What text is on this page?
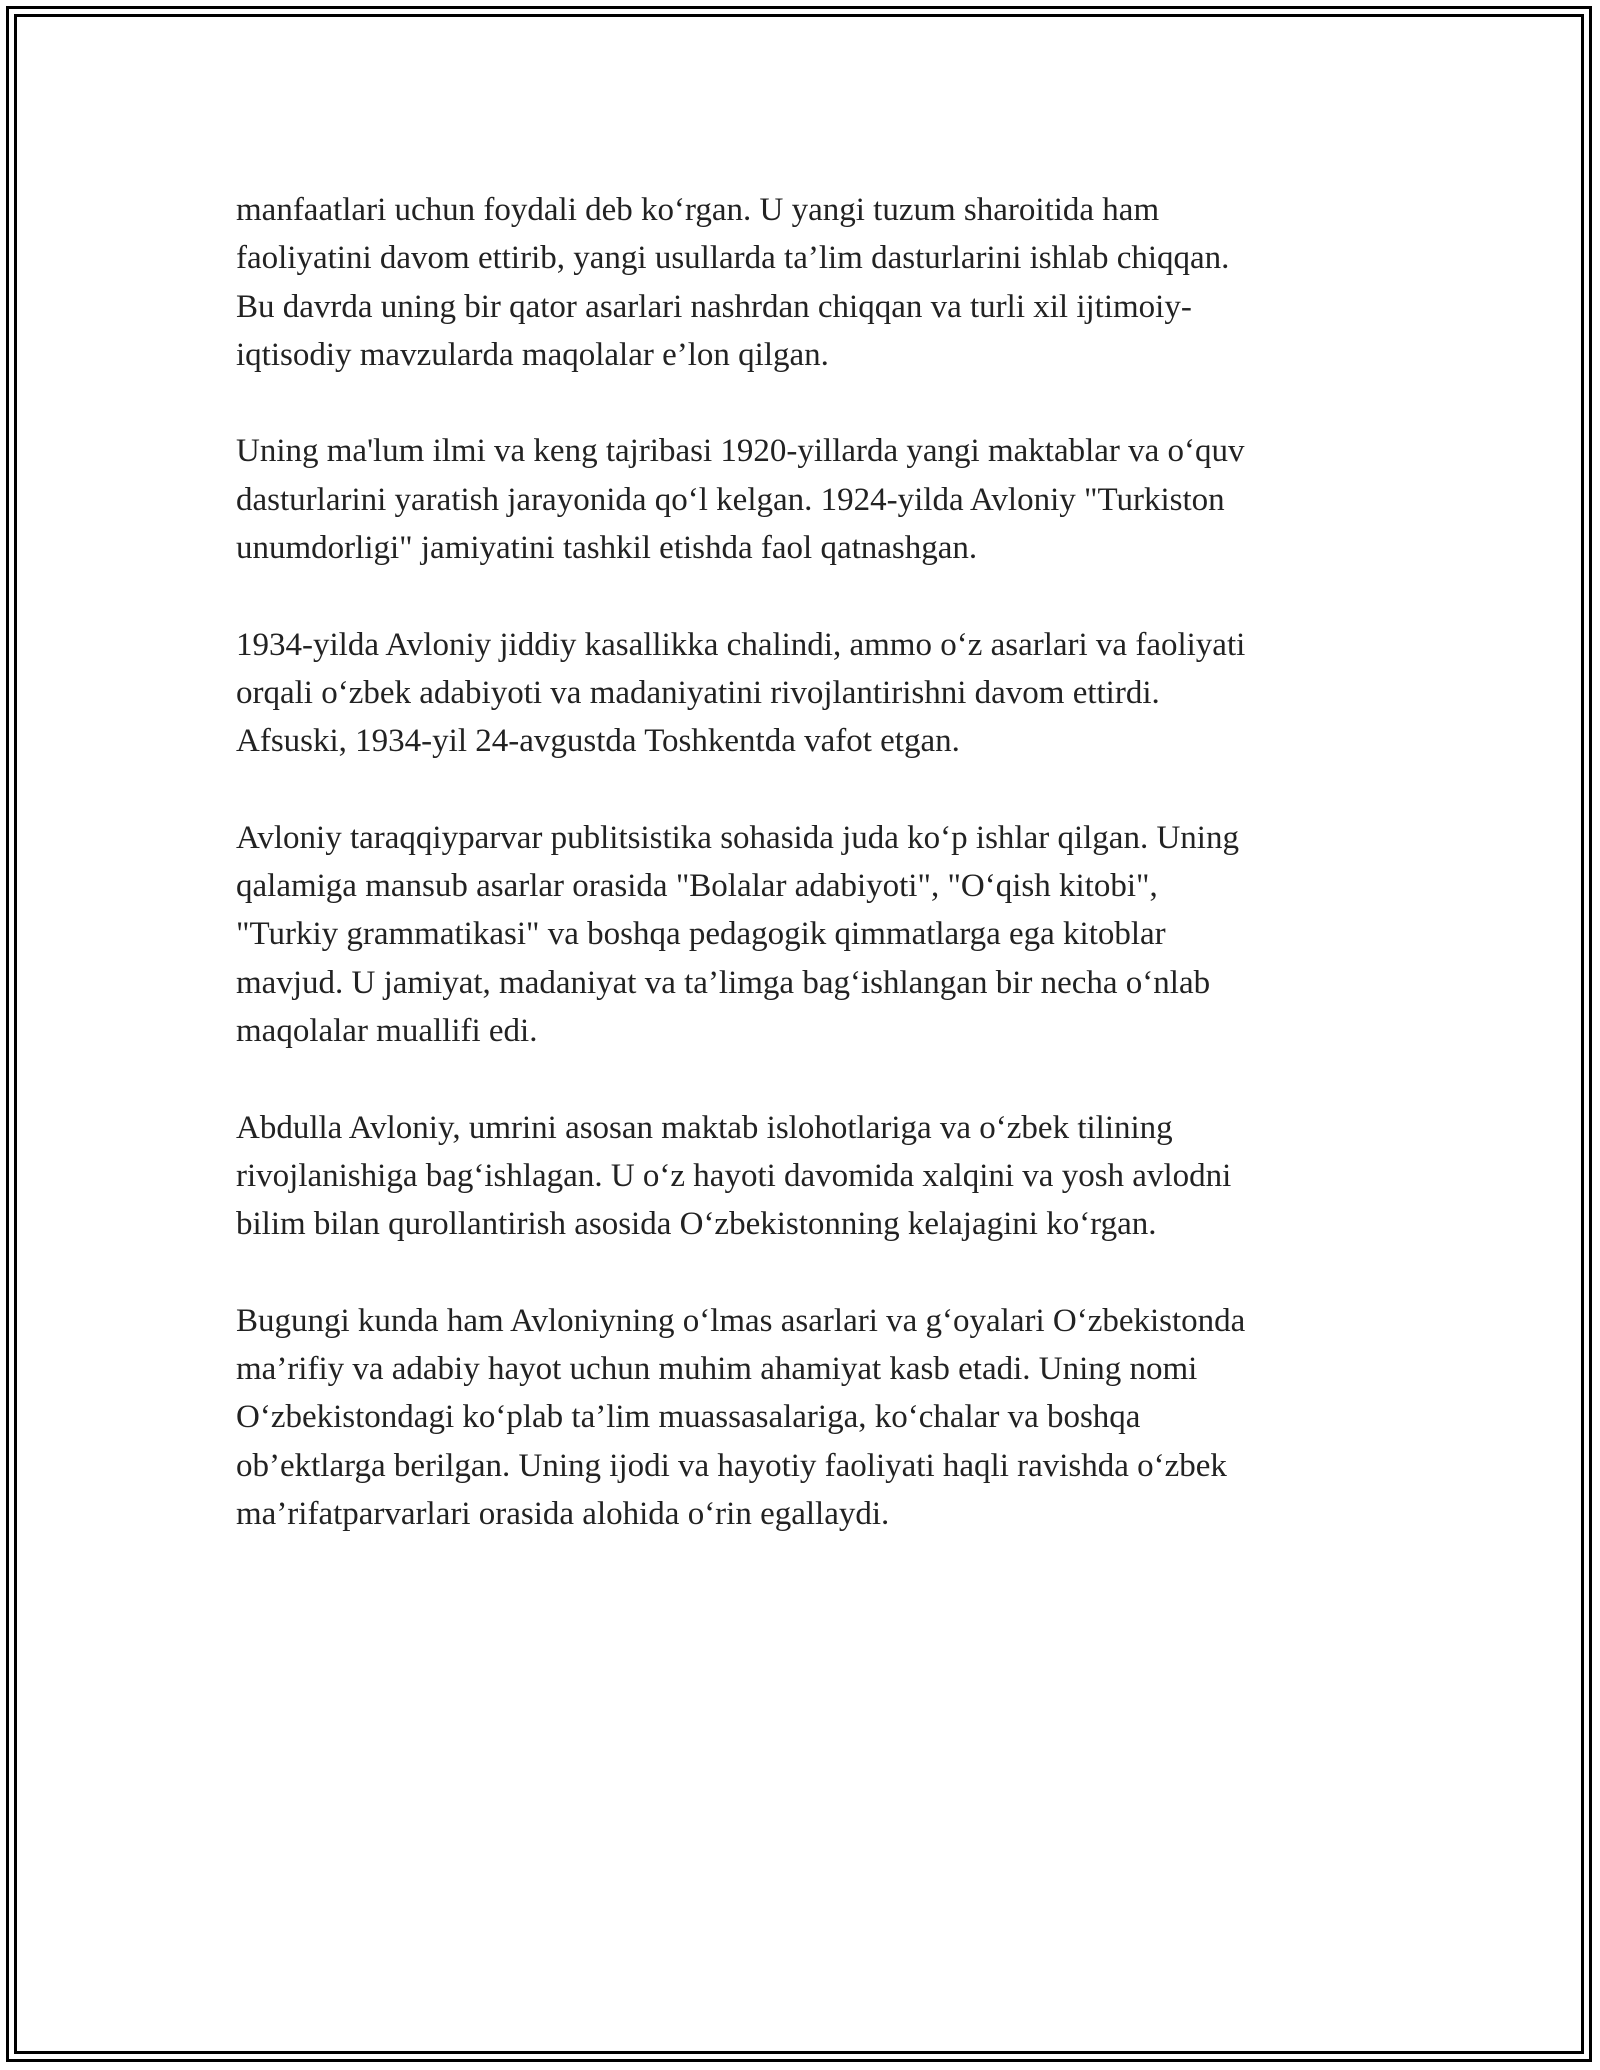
manfaatlari uchun foydali deb ko‘rgan. U yangi tuzum sharoitida ham
faoliyatini davom ettirib, yangi usullarda ta’lim dasturlarini ishlab chiqqan.
Bu davrda uning bir qator asarlari nashrdan chiqqan va turli xil ijtimoiy-
iqtisodiy mavzularda maqolalar e’lon qilgan.

Uning ma'lum ilmi va keng tajribasi 1920-yillarda yangi maktablar va o‘quv
dasturlarini yaratish jarayonida qo‘l kelgan. 1924-yilda Avloniy "Turkiston
unumdorligi" jamiyatini tashkil etishda faol qatnashgan.

1934-yilda Avloniy jiddiy kasallikka chalindi, ammo o‘z asarlari va faoliyati
orqali o‘zbek adabiyoti va madaniyatini rivojlantirishni davom ettirdi.
Afsuski, 1934-yil 24-avgustda Toshkentda vafot etgan.

Avloniy taraqqiyparvar publitsistika sohasida juda ko‘p ishlar qilgan. Uning
qalamiga mansub asarlar orasida "Bolalar adabiyoti", "O‘qish kitobi",
"Turkiy grammatikasi" va boshqa pedagogik qimmatlarga ega kitoblar
mavjud. U jamiyat, madaniyat va ta’limga bag‘ishlangan bir necha o‘nlab
maqolalar muallifi edi.

Abdulla Avloniy, umrini asosan maktab islohotlariga va o‘zbek tilining
rivojlanishiga bag‘ishlagan. U o‘z hayoti davomida xalqini va yosh avlodni
bilim bilan qurollantirish asosida O‘zbekistonning kelajagini ko‘rgan.

Bugungi kunda ham Avloniyning o‘lmas asarlari va g‘oyalari O‘zbekistonda
ma’rifiy va adabiy hayot uchun muhim ahamiyat kasb etadi. Uning nomi
O‘zbekistondagi ko‘plab ta’lim muassasalariga, ko‘chalar va boshqa
ob’ektlarga berilgan. Uning ijodi va hayotiy faoliyati haqli ravishda o‘zbek
ma’rifatparvarlari orasida alohida o‘rin egallaydi.
